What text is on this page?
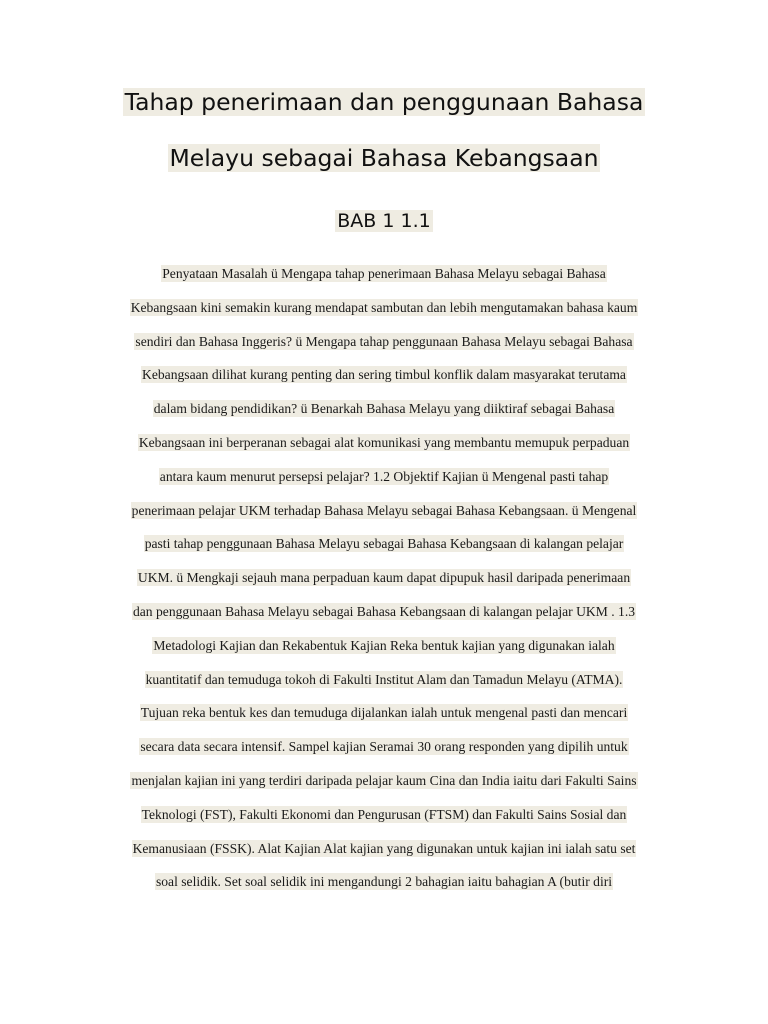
Tahap penerimaan dan penggunaan Bahasa
Melayu sebagai Bahasa Kebangsaan
BAB 1 1.1
Penyataan Masalah ü Mengapa tahap penerimaan Bahasa Melayu sebagai Bahasa
Kebangsaan kini semakin kurang mendapat sambutan dan lebih mengutamakan bahasa kaum
sendiri dan Bahasa Inggeris? ü Mengapa tahap penggunaan Bahasa Melayu sebagai Bahasa
Kebangsaan dilihat kurang penting dan sering timbul konflik dalam masyarakat terutama
dalam bidang pendidikan? ü Benarkah Bahasa Melayu yang diiktiraf sebagai Bahasa
Kebangsaan ini berperanan sebagai alat komunikasi yang membantu memupuk perpaduan
antara kaum menurut persepsi pelajar? 1.2 Objektif Kajian ü Mengenal pasti tahap
penerimaan pelajar UKM terhadap Bahasa Melayu sebagai Bahasa Kebangsaan. ü Mengenal
pasti tahap penggunaan Bahasa Melayu sebagai Bahasa Kebangsaan di kalangan pelajar
UKM. ü Mengkaji sejauh mana perpaduan kaum dapat dipupuk hasil daripada penerimaan
dan penggunaan Bahasa Melayu sebagai Bahasa Kebangsaan di kalangan pelajar UKM . 1.3
Metadologi Kajian dan Rekabentuk Kajian Reka bentuk kajian yang digunakan ialah
kuantitatif dan temuduga tokoh di Fakulti Institut Alam dan Tamadun Melayu (ATMA).
Tujuan reka bentuk kes dan temuduga dijalankan ialah untuk mengenal pasti dan mencari
secara data secara intensif. Sampel kajian Seramai 30 orang responden yang dipilih untuk
menjalan kajian ini yang terdiri daripada pelajar kaum Cina dan India iaitu dari Fakulti Sains
Teknologi (FST), Fakulti Ekonomi dan Pengurusan (FTSM) dan Fakulti Sains Sosial dan
Kemanusiaan (FSSK). Alat Kajian Alat kajian yang digunakan untuk kajian ini ialah satu set
soal selidik. Set soal selidik ini mengandungi 2 bahagian iaitu bahagian A (butir diri
